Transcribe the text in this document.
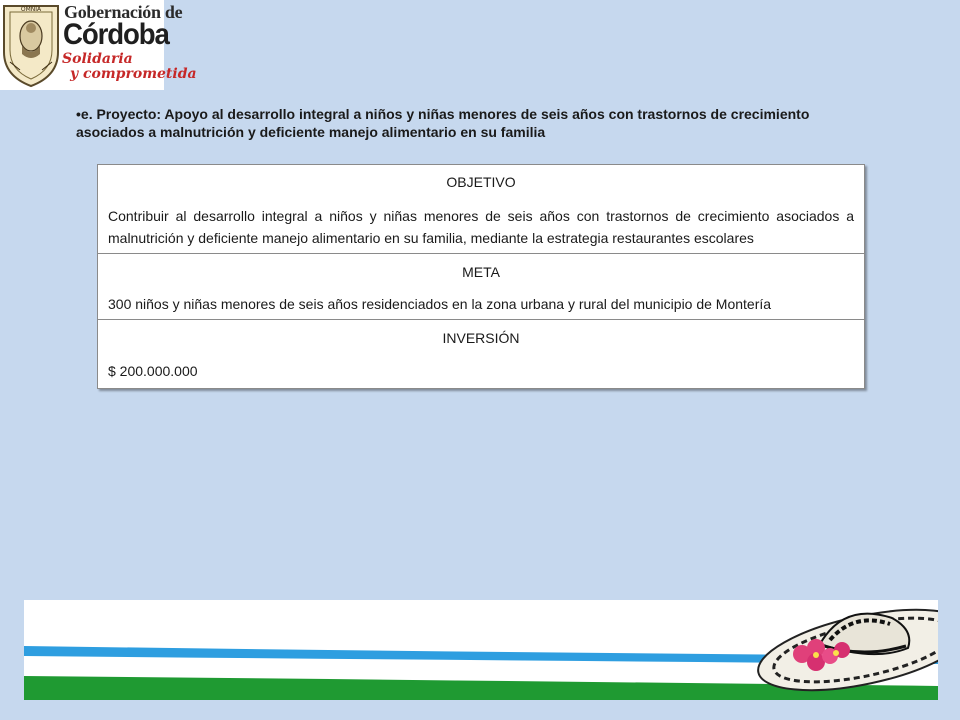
OMNIA Gobernación de
Córdoba
Solidaria
y comprometida
•e. Proyecto: Apoyo al desarrollo integral a niños y niñas menores de seis años con trastornos de crecimiento asociados a malnutrición y deficiente manejo alimentario en su familia
OBJETIVO
Contribuir al desarrollo integral a niños y niñas menores de seis años con trastornos de crecimiento asociados a malnutrición y deficiente manejo alimentario en su familia, mediante la estrategia restaurantes escolares
META
300 niños y niñas menores de seis años residenciados en la zona urbana y rural del municipio de Montería
INVERSIÓN
$ 200.000.000
